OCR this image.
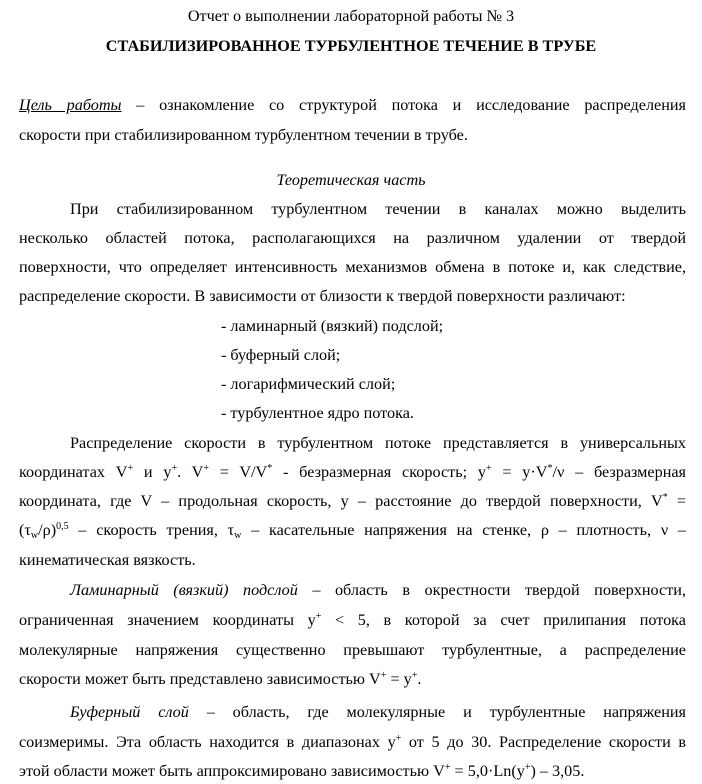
Отчет о выполнении лабораторной работы № 3
СТАБИЛИЗИРОВАННОЕ ТУРБУЛЕНТНОЕ ТЕЧЕНИЕ В ТРУБЕ
Цель работы – ознакомление со структурой потока и исследование распределения
скорости при стабилизированном турбулентном течении в трубе.
Теоретическая часть
При стабилизированном турбулентном течении в каналах можно выделить
несколько областей потока, располагающихся на различном удалении от твердой
поверхности, что определяет интенсивность механизмов обмена в потоке и, как следствие,
распределение скорости. В зависимости от близости к твердой поверхности различают:
- ламинарный (вязкий) подслой;
- буферный слой;
- логарифмический слой;
- турбулентное ядро потока.
Распределение скорости в турбулентном потоке представляется в универсальных
координатах V+ и y+. V+ = V/V* - безразмерная скорость; y+ = y·V*/ν – безразмерная
координата, где V – продольная скорость, y – расстояние до твердой поверхности, V* =
$(\tau_w/\rho)^{0,5}$ – скорость трения, $\tau_w$ – касательные напряжения на стенке, ρ – плотность, ν –
кинематическая вязкость.
Ламинарный (вязкий) подслой – область в окрестности твердой поверхности,
ограниченная значением координаты y+ < 5, в которой за счет прилипания потока
молекулярные напряжения существенно превышают турбулентные, а распределение
скорости может быть представлено зависимостью V+ = y+.
Буферный слой – область, где молекулярные и турбулентные напряжения
соизмеримы. Эта область находится в диапазонах y+ от 5 до 30. Распределение скорости в
этой области может быть аппроксимировано зависимостью V+ = 5,0·Ln(y+) – 3,05.
